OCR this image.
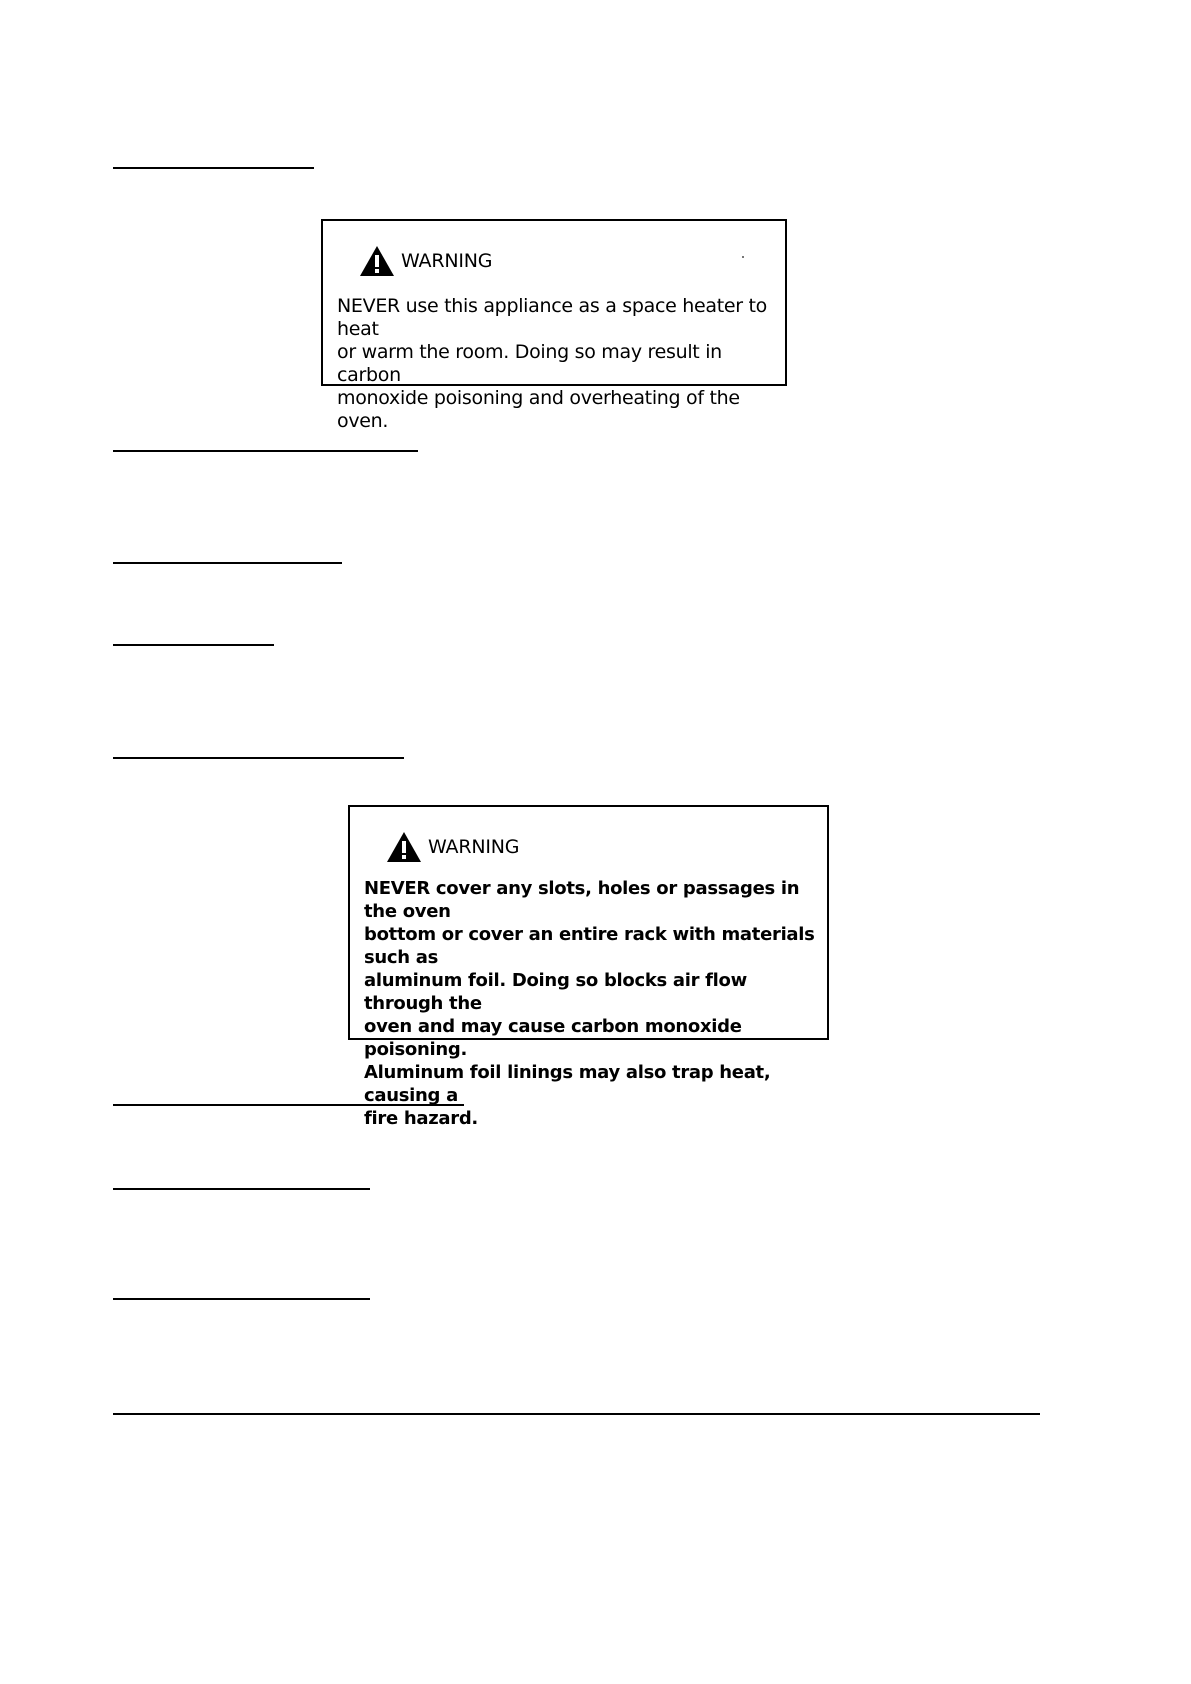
WARNING
NEVER use this appliance as a space heater to heat
or warm the room. Doing so may result in carbon
monoxide poisoning and overheating of the oven.
WARNING
NEVER cover any slots, holes or passages in the oven
bottom or cover an entire rack with materials such as
aluminum foil. Doing so blocks air flow through the
oven and may cause carbon monoxide poisoning.
Aluminum foil linings may also trap heat, causing a
fire hazard.
